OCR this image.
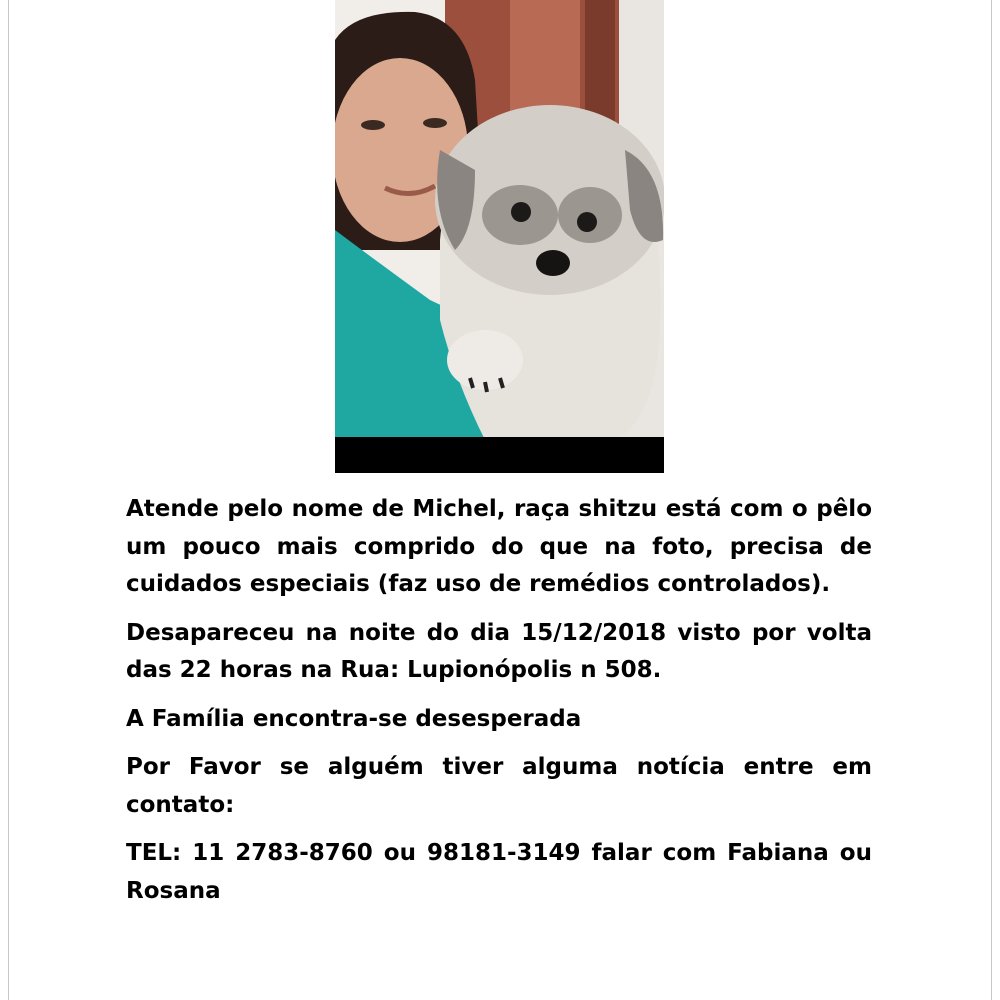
Atende pelo nome de Michel, raça shitzu está com o pêlo um pouco mais comprido do que na foto, precisa de cuidados especiais (faz uso de remédios controlados).

Desapareceu na noite do dia 15/12/2018 visto por volta das 22 horas na Rua: Lupionópolis n 508.

A Família encontra-se desesperada

Por Favor se alguém tiver alguma notícia entre em contato:

TEL: 11 2783-8760 ou 98181-3149 falar com Fabiana ou Rosana
